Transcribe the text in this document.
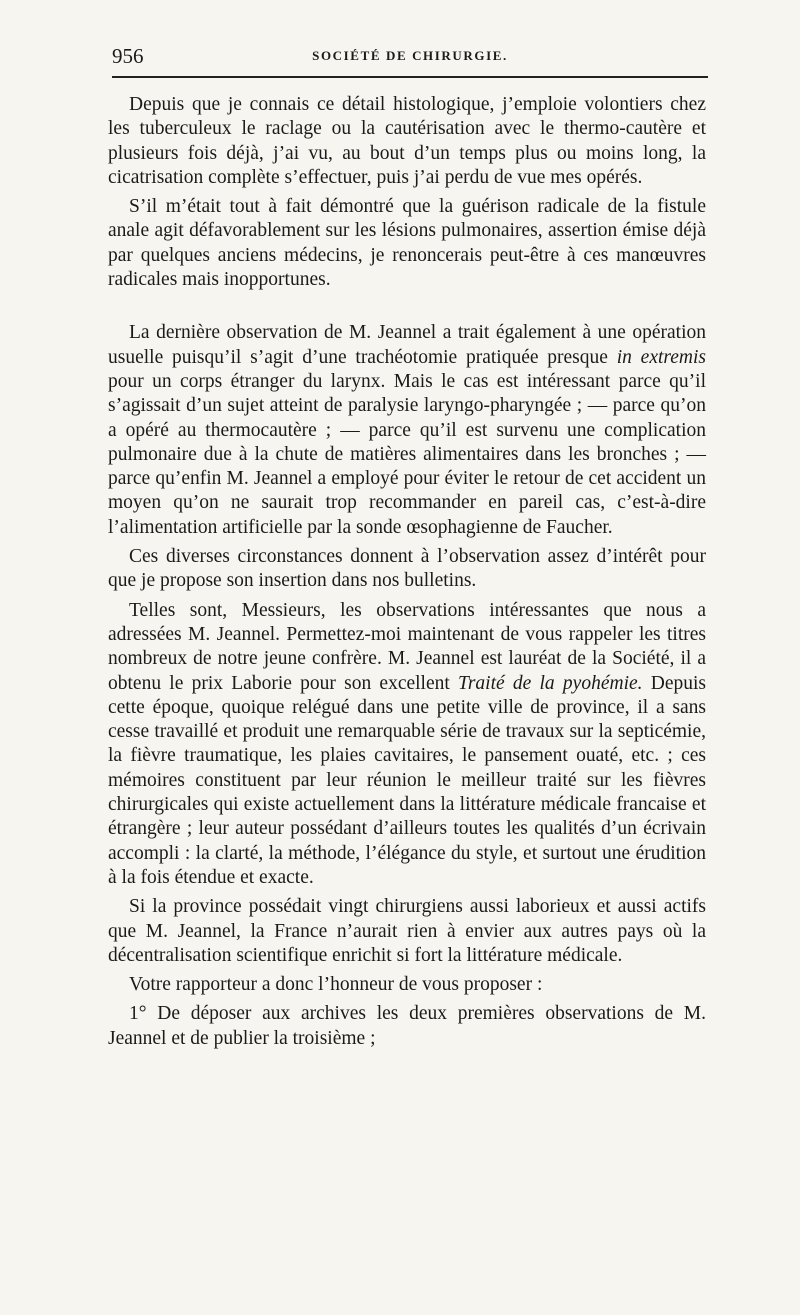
956	SOCIÉTÉ DE CHIRURGIE.

Depuis que je connais ce détail histologique, j’emploie volontiers chez les tuberculeux le raclage ou la cautérisation avec le thermo-cautère et plusieurs fois déjà, j’ai vu, au bout d’un temps plus ou moins long, la cicatrisation complète s’effectuer, puis j’ai perdu de vue mes opérés.

S’il m’était tout à fait démontré que la guérison radicale de la fistule anale agit défavorablement sur les lésions pulmonaires, assertion émise déjà par quelques anciens médecins, je renoncerais peut-être à ces manœuvres radicales mais inopportunes.

La dernière observation de M. Jeannel a trait également à une opération usuelle puisqu’il s’agit d’une trachéotomie pratiquée presque in extremis pour un corps étranger du larynx. Mais le cas est intéressant parce qu’il s’agissait d’un sujet atteint de paralysie laryngo-pharyngée ; — parce qu’on a opéré au thermocautère ; — parce qu’il est survenu une complication pulmonaire due à la chute de matières alimentaires dans les bronches ; — parce qu’enfin M. Jeannel a employé pour éviter le retour de cet accident un moyen qu’on ne saurait trop recommander en pareil cas, c’est-à-dire l’alimentation artificielle par la sonde œsophagienne de Faucher.

Ces diverses circonstances donnent à l’observation assez d’intérêt pour que je propose son insertion dans nos bulletins.

Telles sont, Messieurs, les observations intéressantes que nous a adressées M. Jeannel. Permettez-moi maintenant de vous rappeler les titres nombreux de notre jeune confrère. M. Jeannel est lauréat de la Société, il a obtenu le prix Laborie pour son excellent Traité de la pyohémie. Depuis cette époque, quoique relégué dans une petite ville de province, il a sans cesse travaillé et produit une remarquable série de travaux sur la septicémie, la fièvre traumatique, les plaies cavitaires, le pansement ouaté, etc. ; ces mémoires constituent par leur réunion le meilleur traité sur les fièvres chirurgicales qui existe actuellement dans la littérature médicale francaise et étrangère ; leur auteur possédant d’ailleurs toutes les qualités d’un écrivain accompli : la clarté, la méthode, l’élégance du style, et surtout une érudition à la fois étendue et exacte.

Si la province possédait vingt chirurgiens aussi laborieux et aussi actifs que M. Jeannel, la France n’aurait rien à envier aux autres pays où la décentralisation scientifique enrichit si fort la littérature médicale.

Votre rapporteur a donc l’honneur de vous proposer :

1° De déposer aux archives les deux premières observations de M. Jeannel et de publier la troisième ;
